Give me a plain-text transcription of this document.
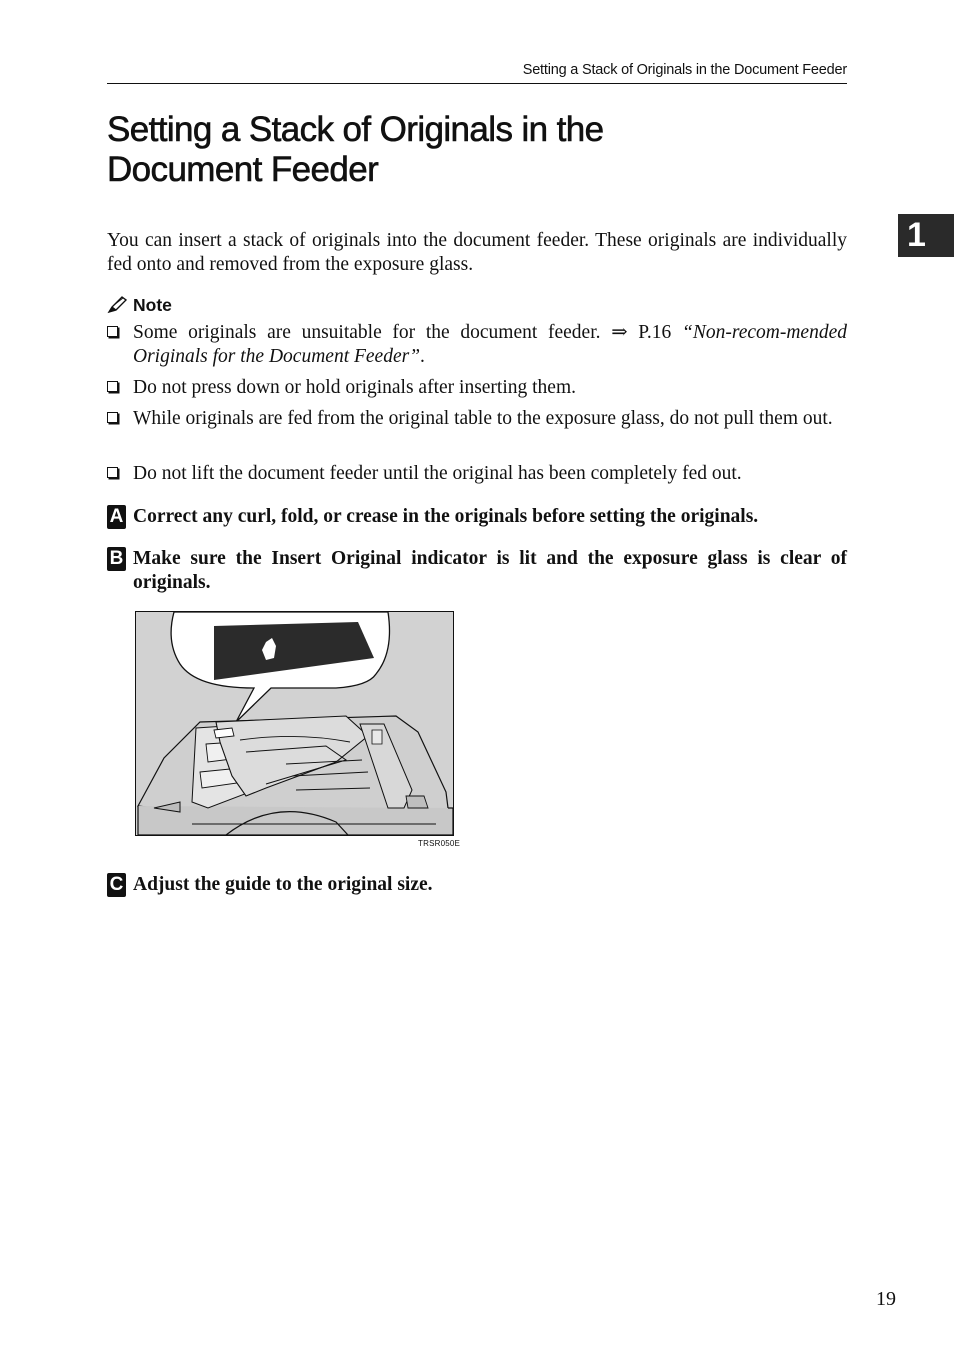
Setting a Stack of Originals in the Document Feeder
1
Setting a Stack of Originals in the
Document Feeder
You can insert a stack of originals into the document feeder. These originals are individually fed onto and removed from the exposure glass.
Note
Some originals are unsuitable for the document feeder. ⇒ P.16 “Non-recom-mended Originals for the Document Feeder”.
Do not press down or hold originals after inserting them.
While originals are fed from the original table to the exposure glass, do not pull them out.
Do not lift the document feeder until the original has been completely fed out.
A Correct any curl, fold, or crease in the originals before setting the originals.
B Make sure the Insert Original indicator is lit and the exposure glass is clear of originals.
TRSR050E
C Adjust the guide to the original size.
19
